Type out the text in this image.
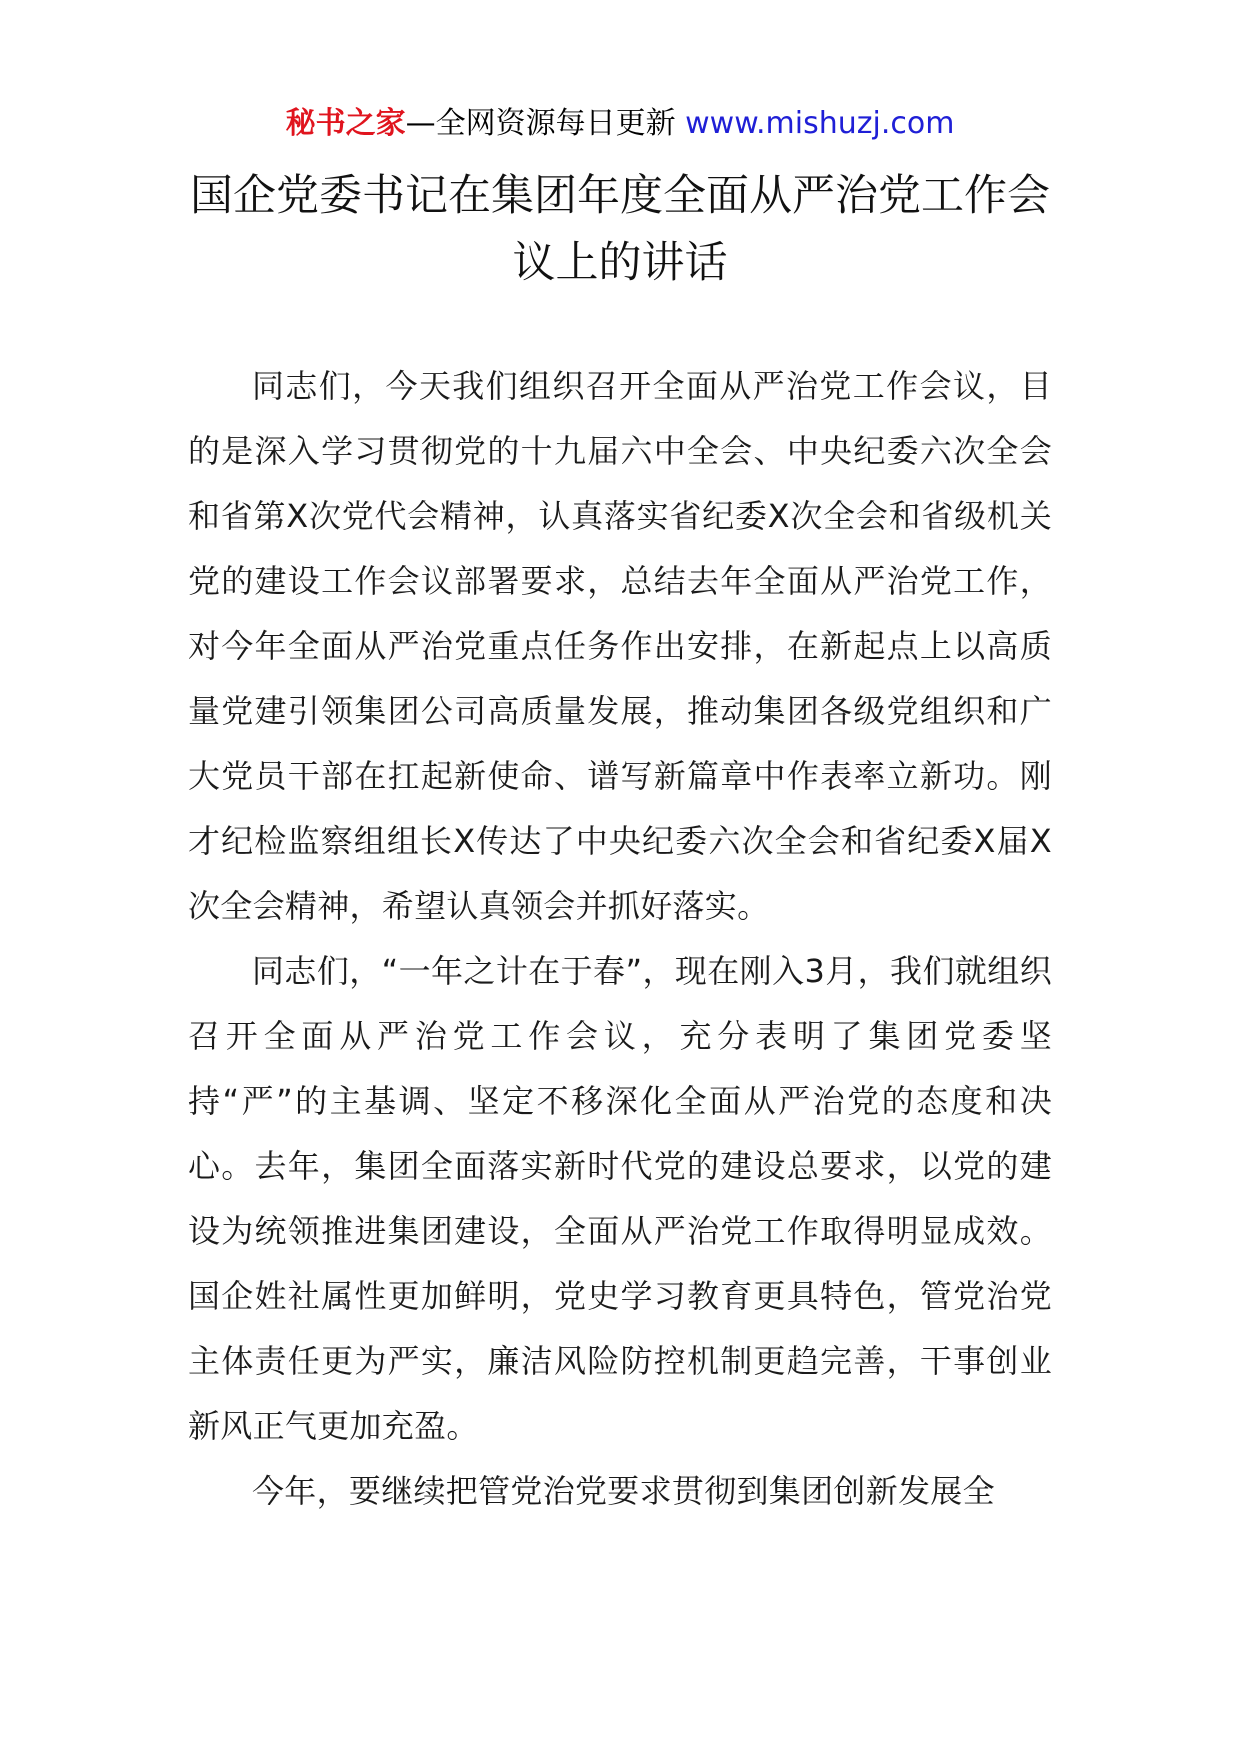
秘书之家—全网资源每日更新 www.mishuzj.com
国企党委书记在集团年度全面从严治党工作会议上的讲话

同志们，今天我们组织召开全面从严治党工作会议，目的是深入学习贯彻党的十九届六中全会、中央纪委六次全会和省第X次党代会精神，认真落实省纪委X次全会和省级机关党的建设工作会议部署要求，总结去年全面从严治党工作，对今年全面从严治党重点任务作出安排，在新起点上以高质量党建引领集团公司高质量发展，推动集团各级党组织和广大党员干部在扛起新使命、谱写新篇章中作表率立新功。刚才纪检监察组组长X传达了中央纪委六次全会和省纪委X届X次全会精神，希望认真领会并抓好落实。

同志们，“一年之计在于春”，现在刚入3月，我们就组织召开全面从严治党工作会议，充分表明了集团党委坚持“严”的主基调、坚定不移深化全面从严治党的态度和决心。去年，集团全面落实新时代党的建设总要求，以党的建设为统领推进集团建设，全面从严治党工作取得明显成效。国企姓社属性更加鲜明，党史学习教育更具特色，管党治党主体责任更为严实，廉洁风险防控机制更趋完善，干事创业新风正气更加充盈。

今年，要继续把管党治党要求贯彻到集团创新发展全
